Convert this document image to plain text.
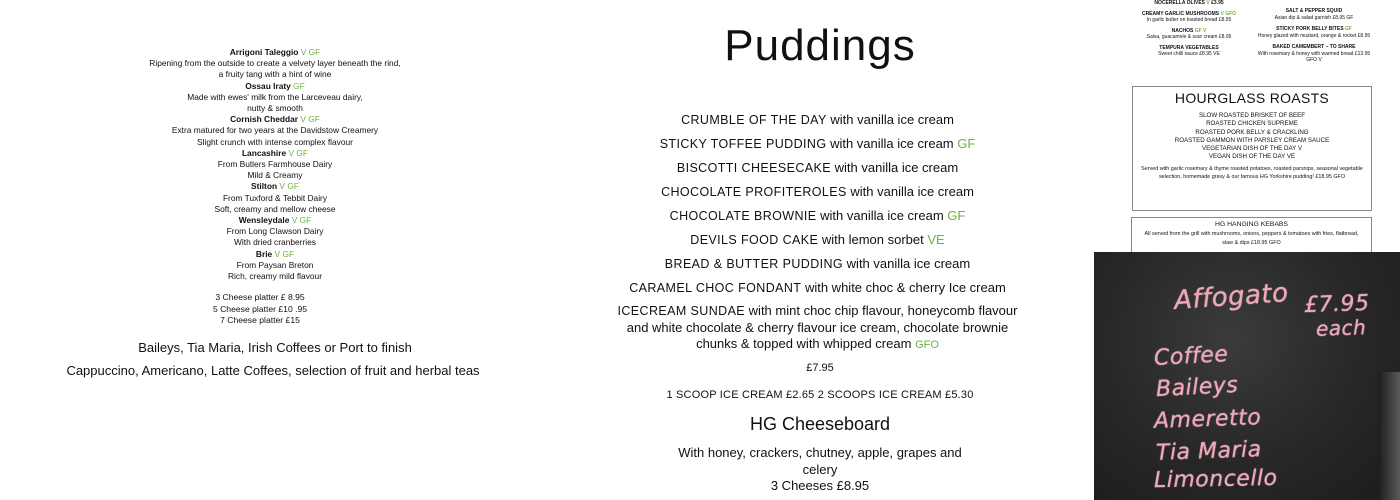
Arrigoni Taleggio V GF
Ripening from the outside to create a velvety layer beneath the rind,
a fruity tang with a hint of wine
Ossau Iraty GF
Made with ewes' milk from the Larceveau dairy,
nutty & smooth
Cornish Cheddar V GF
Extra matured for two years at the Davidstow Creamery
Slight crunch with intense complex flavour
Lancashire V GF
From Butlers Farmhouse Dairy
Mild & Creamy
Stilton V GF
From Tuxford & Tebbit Dairy
Soft, creamy and mellow cheese
Wensleydale V GF
From Long Clawson Dairy
With dried cranberries
Brie V GF
From Paysan Breton
Rich, creamy mild flavour
3 Cheese platter £ 8.95
5 Cheese platter £10 .95
7 Cheese platter £15
Baileys, Tia Maria, Irish Coffees or Port to finish
Cappuccino, Americano, Latte Coffees, selection of fruit and herbal teas
Puddings
CRUMBLE OF THE DAY with vanilla ice cream
STICKY TOFFEE PUDDING with vanilla ice cream GF
BISCOTTI CHEESECAKE with vanilla ice cream
CHOCOLATE PROFITEROLES with vanilla ice cream
CHOCOLATE BROWNIE with vanilla ice cream GF
DEVILS FOOD CAKE with lemon sorbet VE
BREAD & BUTTER PUDDING with vanilla ice cream
CARAMEL CHOC FONDANT with white choc & cherry Ice cream
ICECREAM SUNDAE with mint choc chip flavour, honeycomb flavour and white chocolate & cherry flavour ice cream, chocolate brownie chunks & topped with whipped cream GFO
£7.95
1 SCOOP ICE CREAM £2.65 2 SCOOPS ICE CREAM £5.30
HG Cheeseboard
With honey, crackers, chutney, apple, grapes and celery
3 Cheeses £8.95
NOCERELLA OLIVES V £3.95
CREAMY GARLIC MUSHROOMS V GFO
In garlic butter on toasted bread £8.95
NACHOS GF V
Salsa, guacamole & sour cream £8.95
TEMPURA VEGETABLES
Sweet chilli sauce £8.95 VE
SALT & PEPPER SQUID
Asian dip & salad garnish £8.95 GF
STICKY PORK BELLY BITES GF
Honey glazed with mustard, orange & rocket £8.95
BAKED CAMEMBERT – TO SHARE
With rosemary & honey with warmed bread £13.95 GFO V
HOURGLASS ROASTS
SLOW ROASTED BRISKET OF BEEF
ROASTED CHICKEN SUPREME
ROASTED PORK BELLY & CRACKLING
ROASTED GAMMON WITH PARSLEY CREAM SAUCE
VEGETARIAN DISH OF THE DAY V
VEGAN DISH OF THE DAY VE
Served with garlic rosemary & thyme roasted potatoes, roasted parsnips, seasonal vegetable selection, homemade gravy & our famous HG Yorkshire pudding! £18.95 GFO
HG HANGING KEBABS
All served from the grill with mushrooms, onions, peppers & tomatoes with fries, flatbread, slaw & dips £18.95 GFO
Affogato £7.95
each
Coffee
Baileys
Ameretto
Tia Maria
Limoncello
